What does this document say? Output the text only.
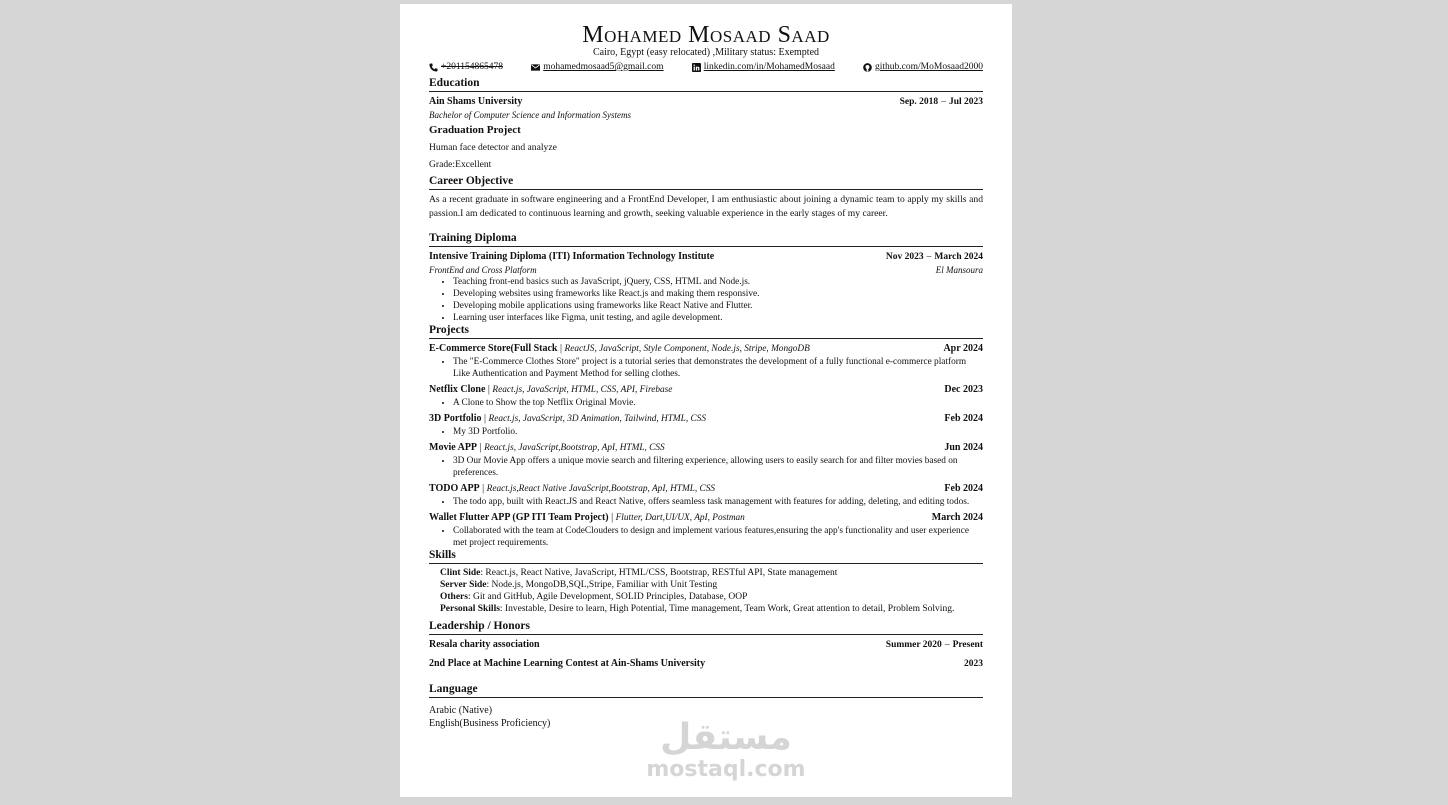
Mohamed Mosaad Saad
Cairo, Egypt (easy relocated) ,Military status: Exempted
+201154865478	mohamedmosaad5@gmail.com	linkedin.com/in/MohamedMosaad	github.com/MoMosaad2000
Education
Ain Shams University	Sep. 2018 – Jul 2023
Bachelor of Computer Science and Information Systems
Graduation Project
Human face detector and analyze
Grade:Excellent
Career Objective
As a recent graduate in software engineering and a FrontEnd Developer, I am enthusiastic about joining a dynamic team to apply my skills and passion.I am dedicated to continuous learning and growth, seeking valuable experience in the early stages of my career.
Training Diploma
Intensive Training Diploma (ITI) Information Technology Institute	Nov 2023 – March 2024
FrontEnd and Cross Platform	El Mansoura
• Teaching front-end basics such as JavaScript, jQuery, CSS, HTML and Node.js.
• Developing websites using frameworks like React.js and making them responsive.
• Developing mobile applications using frameworks like React Native and Flutter.
• Learning user interfaces like Figma, unit testing, and agile development.
Projects
E-Commerce Store(Full Stack | ReactJS, JavaScript, Style Component, Node.js, Stripe, MongoDB	Apr 2024
• The "E-Commerce Clothes Store" project is a tutorial series that demonstrates the development of a fully functional e-commerce platform Like Authentication and Payment Method for selling clothes.
Netflix Clone | React.js, JavaScript, HTML, CSS, API, Firebase	Dec 2023
• A Clone to Show the top Netflix Original Movie.
3D Portfolio | React.js, JavaScript, 3D Animation, Tailwind, HTML, CSS	Feb 2024
• My 3D Portfolio.
Movie APP | React.js, JavaScript,Bootstrap, ApI, HTML, CSS	Jun 2024
• 3D Our Movie App offers a unique movie search and filtering experience, allowing users to easily search for and filter movies based on preferences.
TODO APP | React.js,React Native JavaScript,Bootstrap, ApI, HTML, CSS	Feb 2024
• The todo app, built with React.JS and React Native, offers seamless task management with features for adding, deleting, and editing todos.
Wallet Flutter APP (GP ITI Team Project) | Flutter, Dart,UI/UX, ApI, Postman	March 2024
• Collaborated with the team at CodeClouders to design and implement various features,ensuring the app's functionality and user experience met project requirements.
Skills
Clint Side: React.js, React Native, JavaScript, HTML/CSS, Bootstrap, RESTful API, State management
Server Side: Node.js, MongoDB,SQL,Stripe, Familiar with Unit Testing
Others: Git and GitHub, Agile Development, SOLID Principles, Database, OOP
Personal Skills: Investable, Desire to learn, High Potential, Time management, Team Work, Great attention to detail, Problem Solving.
Leadership / Honors
Resala charity association	Summer 2020 – Present
2nd Place at Machine Learning Contest at Ain-Shams University	2023
Language
Arabic (Native)
English(Business Proficiency)	مستقل
mostaql.com
